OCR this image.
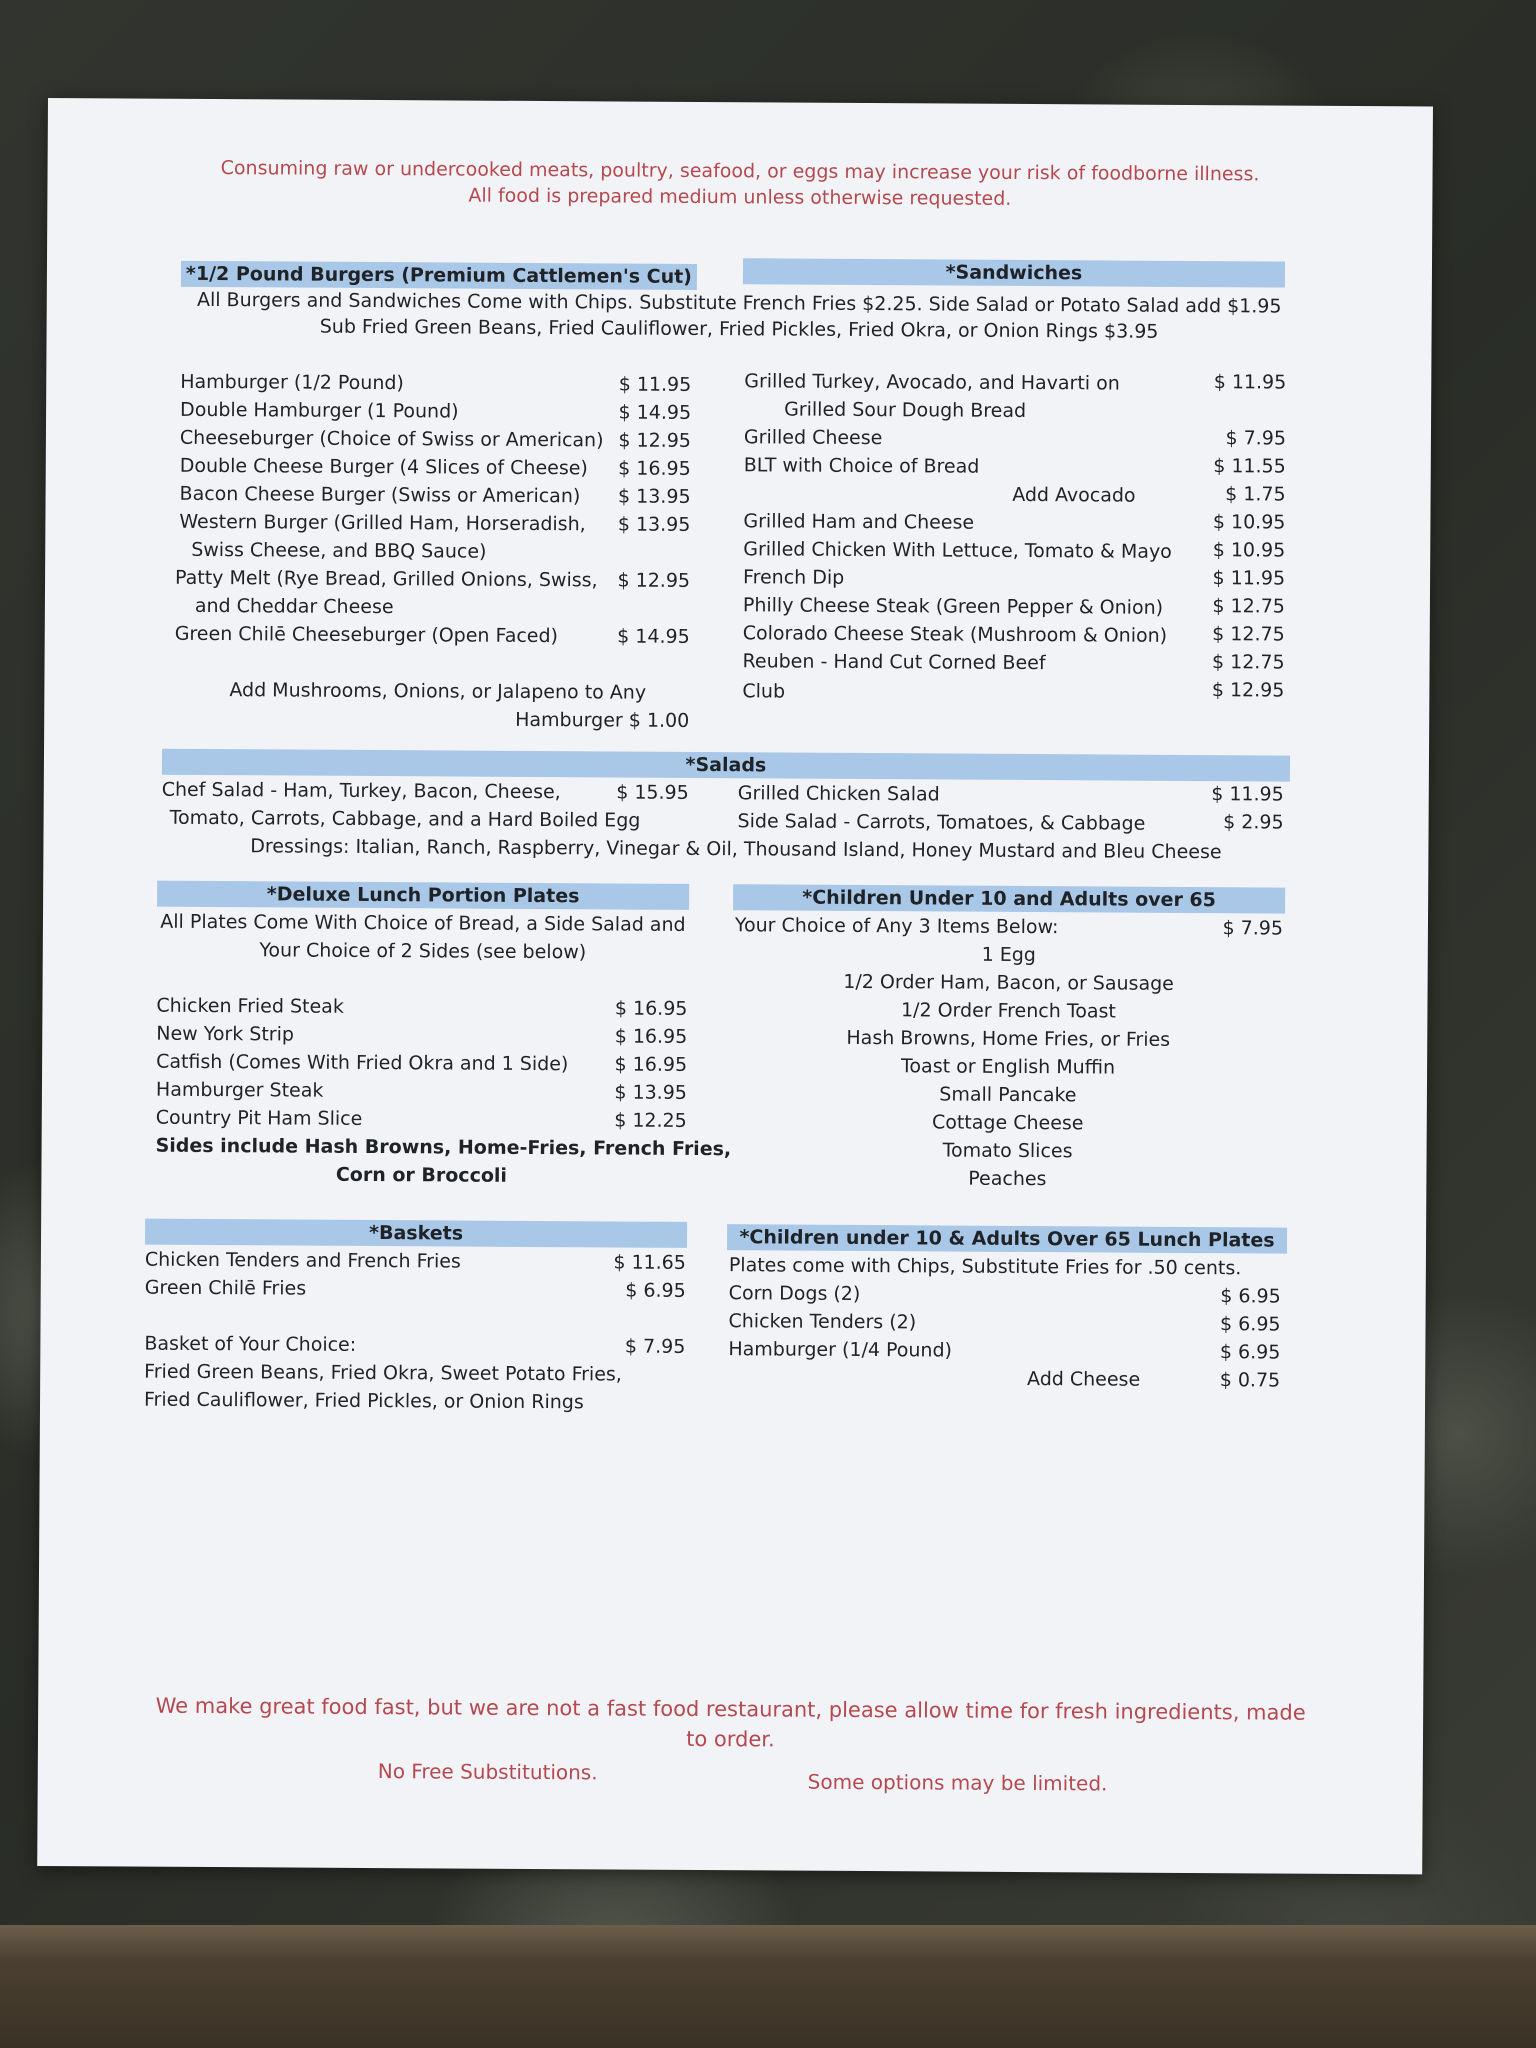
Consuming raw or undercooked meats, poultry, seafood, or eggs may increase your risk of foodborne illness.
All food is prepared medium unless otherwise requested.
*1/2 Pound Burgers (Premium Cattlemen's Cut)	*Sandwiches
All Burgers and Sandwiches Come with Chips. Substitute French Fries $2.25. Side Salad or Potato Salad add $1.95
Sub Fried Green Beans, Fried Cauliflower, Fried Pickles, Fried Okra, or Onion Rings $3.95
Hamburger (1/2 Pound)	$ 11.95
Double Hamburger (1 Pound)	$ 14.95
Cheeseburger (Choice of Swiss or American) $ 12.95
Double Cheese Burger (4 Slices of Cheese)	$ 16.95
Bacon Cheese Burger (Swiss or American)	$ 13.95
Western Burger (Grilled Ham, Horseradish,	$ 13.95
Swiss Cheese, and BBQ Sauce)
Patty Melt (Rye Bread, Grilled Onions, Swiss,	$ 12.95
and Cheddar Cheese
Green Chilē Cheeseburger (Open Faced)	$ 14.95
Add Mushrooms, Onions, or Jalapeno to Any
Hamburger $ 1.00
Grilled Turkey, Avocado, and Havarti on	$ 11.95
Grilled Sour Dough Bread
Grilled Cheese	$ 7.95
BLT with Choice of Bread	$ 11.55
Add Avocado	$ 1.75
Grilled Ham and Cheese	$ 10.95
Grilled Chicken With Lettuce, Tomato & Mayo	$ 10.95
French Dip	$ 11.95
Philly Cheese Steak (Green Pepper & Onion)	$ 12.75
Colorado Cheese Steak (Mushroom & Onion)	$ 12.75
Reuben - Hand Cut Corned Beef	$ 12.75
Club	$ 12.95
*Salads
Chef Salad - Ham, Turkey, Bacon, Cheese,	$ 15.95
Tomato, Carrots, Cabbage, and a Hard Boiled Egg
Grilled Chicken Salad	$ 11.95
Side Salad - Carrots, Tomatoes, & Cabbage	$ 2.95
Dressings: Italian, Ranch, Raspberry, Vinegar & Oil, Thousand Island, Honey Mustard and Bleu Cheese
*Deluxe Lunch Portion Plates	*Children Under 10 and Adults over 65
All Plates Come With Choice of Bread, a Side Salad and
Your Choice of 2 Sides (see below)
Chicken Fried Steak	$ 16.95
New York Strip	$ 16.95
Catfish (Comes With Fried Okra and 1 Side)	$ 16.95
Hamburger Steak	$ 13.95
Country Pit Ham Slice	$ 12.25
Sides include Hash Browns, Home-Fries, French Fries,
Corn or Broccoli
Your Choice of Any 3 Items Below:	$ 7.95
1 Egg
1/2 Order Ham, Bacon, or Sausage
1/2 Order French Toast
Hash Browns, Home Fries, or Fries
Toast or English Muffin
Small Pancake
Cottage Cheese
Tomato Slices
Peaches
*Baskets	*Children under 10 & Adults Over 65 Lunch Plates
Chicken Tenders and French Fries	$ 11.65
Green Chilē Fries	$ 6.95
Basket of Your Choice:	$ 7.95
Fried Green Beans, Fried Okra, Sweet Potato Fries,
Fried Cauliflower, Fried Pickles, or Onion Rings
Plates come with Chips, Substitute Fries for .50 cents.
Corn Dogs (2)	$ 6.95
Chicken Tenders (2)	$ 6.95
Hamburger (1/4 Pound)	$ 6.95
Add Cheese	$ 0.75
We make great food fast, but we are not a fast food restaurant, please allow time for fresh ingredients, made
to order.
No Free Substitutions.	Some options may be limited.
